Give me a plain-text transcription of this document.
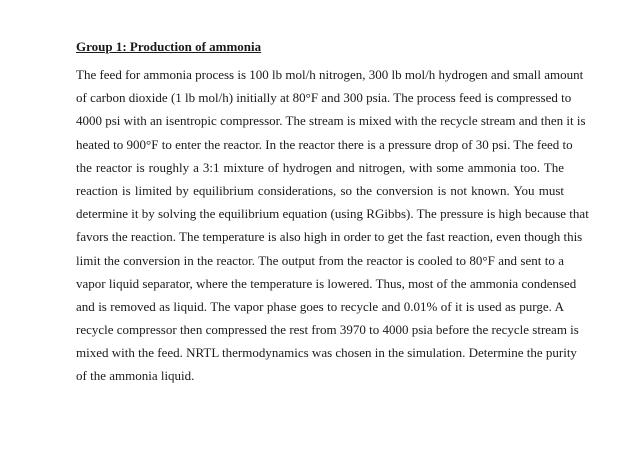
Group 1: Production of ammonia
The feed for ammonia process is 100 lb mol/h nitrogen, 300 lb mol/h hydrogen and small amount
of carbon dioxide (1 lb mol/h) initially at 80°F and 300 psia. The process feed is compressed to
4000 psi with an isentropic compressor. The stream is mixed with the recycle stream and then it is
heated to 900°F to enter the reactor. In the reactor there is a pressure drop of 30 psi. The feed to
the reactor is roughly a 3:1 mixture of hydrogen and nitrogen, with some ammonia too. The
reaction is limited by equilibrium considerations, so the conversion is not known. You must
determine it by solving the equilibrium equation (using RGibbs). The pressure is high because that
favors the reaction. The temperature is also high in order to get the fast reaction, even though this
limit the conversion in the reactor. The output from the reactor is cooled to 80°F and sent to a
vapor liquid separator, where the temperature is lowered. Thus, most of the ammonia condensed
and is removed as liquid. The vapor phase goes to recycle and 0.01% of it is used as purge. A
recycle compressor then compressed the rest from 3970 to 4000 psia before the recycle stream is
mixed with the feed. NRTL thermodynamics was chosen in the simulation. Determine the purity
of the ammonia liquid.
